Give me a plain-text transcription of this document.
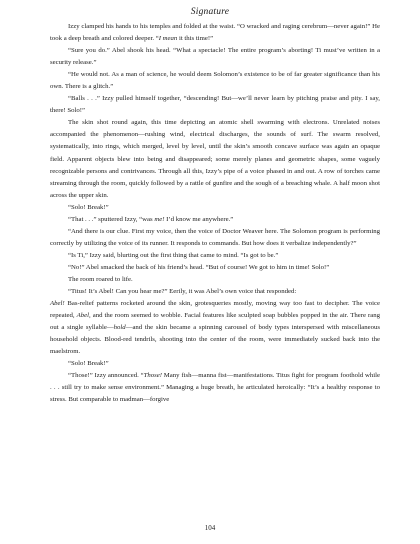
Signature

Izzy clamped his hands to his temples and folded at the waist. “O wracked and raging cerebrum—never again!” He took a deep breath and colored deeper. “I mean it this time!”

“Sure you do.” Abel shook his head. “What a spectacle! The entire program’s aborting! Ti must’ve written in a security release.”

“He would not. As a man of science, he would deem Solomon’s existence to be of far greater significance than his own. There is a glitch.”

“Balls . . .” Izzy pulled himself together, “descending! But—we’ll never learn by pitching praise and pity. I say, there! Solo!”

The skin shot round again, this time depicting an atomic shell swarming with electrons. Unrelated noises accompanied the phenomenon—rushing wind, electrical discharges, the sounds of surf. The swarm resolved, systematically, into rings, which merged, level by level, until the skin’s smooth concave surface was again an opaque field. Apparent objects blew into being and disappeared; some merely planes and geometric shapes, some vaguely recognizable persons and contrivances. Through all this, Izzy’s pipe of a voice phased in and out. A row of torches came streaming through the room, quickly followed by a rattle of gunfire and the sough of a breaching whale. A half moon shot across the upper skin.

“Solo! Break!”

“That . . .” sputtered Izzy, “was me! I’d know me anywhere.”

“And there is our clue. First my voice, then the voice of Doctor Weaver here. The Solomon program is performing correctly by utilizing the voice of its runner. It responds to commands. But how does it verbalize independently?”

“Is Ti,” Izzy said, blurting out the first thing that came to mind. “Is got to be.”

“No!” Abel smacked the back of his friend’s head. “But of course! We got to him in time! Solo!”

The room roared to life.

“Titus! It’s Abel! Can you hear me?” Eerily, it was Abel’s own voice that responded:

Abel! Bas-relief patterns rocketed around the skin, grotesqueries mostly, moving way too fast to decipher. The voice repeated, Abel, and the room seemed to wobble. Facial features like sculpted soap bubbles popped in the air. There rang out a single syllable—hold—and the skin became a spinning carousel of body types interspersed with miscellaneous household objects. Blood-red tendrils, shooting into the center of the room, were immediately sucked back into the maelstrom.

“Solo! Break!”

“Those!” Izzy announced. “Those! Many fish—manna fist—manifestations. Titus fight for program foothold while . . . still try to make sense environment.” Managing a huge breath, he articulated heroically: “It’s a healthy response to stress. But comparable to madman—forgive

104
